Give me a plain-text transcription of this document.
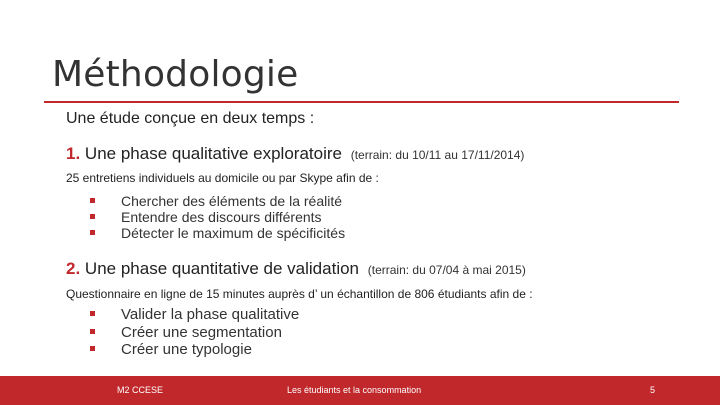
Méthodologie
Une étude conçue en deux temps :
1. Une phase qualitative exploratoire (terrain: du 10/11 au 17/11/2014)
25 entretiens individuels au domicile ou par Skype afin de :
Chercher des éléments de la réalité
Entendre des discours différents
Détecter le maximum de spécificités
2. Une phase quantitative de validation (terrain: du 07/04 à mai 2015)
Questionnaire en ligne de 15 minutes auprès d’ un échantillon de 806 étudiants afin de :
Valider la phase qualitative
Créer une segmentation
Créer une typologie
M2 CCESE	Les étudiants et la consommation	5
